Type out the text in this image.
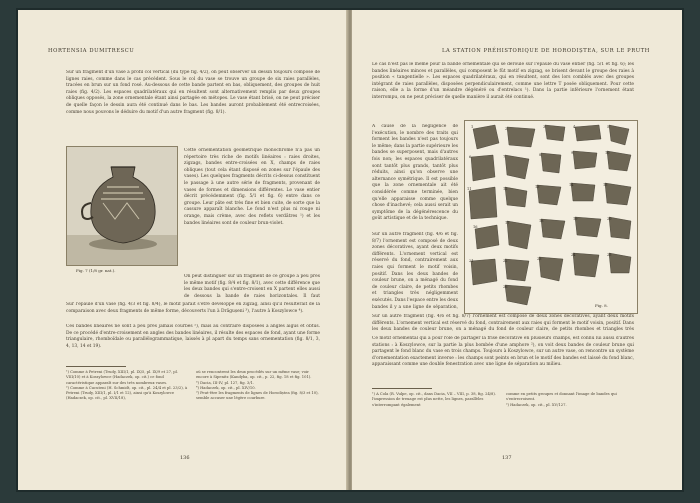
HORTENSIA DUMITRESCU
Sur un fragment d'un vase à profil col vertical (du type fig. 4/2), on peut observer un dessin toujours composé de lignes raies, comme dans le cas précédent. Sous le col du vase se trouve un groupe de six raies parallèles, tracées en brun sur un fond rosé. Au-dessous de cette bande partent en bas, obliquement, des groupes de huit raies (fig. 4/2). Les espaces quadrilatéraux qui en résultent sont alternativement remplis par deux groupes obliques opposés, la zone ornementale étant ainsi partagée en métopes. Le vase étant brisé, on ne peut préciser de quelle façon le dessin aura été continué dans le bas. Les bandes auront probablement été entrecroisées, comme nous pouvons le déduire du motif d'un autre fragment (fig. 8/1).
Fig. 7 (1/8 gr. nat.).
Cette ornementation géométrique monochrome n'a pas un répertoire très riche de motifs linéaires : raies droites, zigzags, bandes entre-croisées en X, champs de raies obliques (tout cela étant disposé en zones sur l'épaule des vases). Les quelques fragments décrits ci-dessus constituent le passage à une autre série de fragments, provenant de vases de formes et dimensions différentes. Le vase entier décrit précédemment (fig. 5/1 et fig. 6) entre dans ce groupe. Leur pâte est très fine et bien cuite, de sorte que la cassure apparaît blanche. Le fond n'est plus ni rouge ni orange, mais crème, avec des reflets verdâtres ¹) et les bandes linéaires sont de couleur brun-violet.
On peut distinguer sur un fragment de ce groupe à peu près le même motif (fig. 8/4 et fig. 8/1), avec cette différence que les deux bandes qui s'entre-croisent en X partent elles aussi de dessous la bande de raies horizontales. Il faut
Sur l'épaule d'un vase (fig. 4/3 et fig. 8/4), le motif paraît s'être développé en zigzag, ainsi qu'il résulterait de la comparaison avec deux fragments de même forme, découverts l'un à Drăgușeni ³), l'autre à Koszylowce ⁴).
Ces bandes linéaires ne sont à peu près jamais courbes ⁵), mais au contraire disposées à angles aigus et obtus. De ce procédé d'entre-croisement en angles des bandes linéaires, il résulte des espaces de fond, ayant une forme triangulaire, rhomboïdale ou parallélogrammatique, laissés à pl apart du temps sans ornementation (fig. 8/1, 3, 4, 13, 14 et 19).
¹) Comme à Petreni (Trudy, XIII/1, pl. IX/5, pl. IX/9 et 27, pl. VIII/10) et à Koszylowce (Hadaczek, op. cit.) ce fond caractéristique apparaît sur des très nombreux vases.
²) Comme à Cucuteni (H. Schmidt, op. cit., pl. 24/4 et pl. 23/2), à Petreni (Trudy, XIII/1, pl. I/1 et 12), ainsi qu'à Koszylowce (Hadaczek, op. cit., pl. XVII/18),
où se rencontrent les deux procédés sur un même vase; voir encore à Sipenitz (Kandyba, op. cit., p. 22, fig. 18 et fig. 101).
³) Dacia, III-IV, pl. 127, fig. 3/1.
⁴) Hadaczek, op. cit., pl. XIV/10.
⁵) Peut-être les fragments de lignes de Horodiștea (fig. 8/3 et 10), semble accuser une légère courbure.
136
LA STATION PRÉHISTORIQUE DE HORODIȘTEA, SUR LE PRUTH
Le cas n'est pas le même pour la bande ornementale qui se déroule sur l'épaule du vase entier (fig. 5/1 et fig. 6); les bandes linéaires minces et parallèles, qui composent le fût motif en zigzag, se brisent devant le groupe des raies à position « tangentielle ». Les espaces quadrilatéraux, qui en résultent, sont des lors comblés avec des groupes intégrant de raies parallèles, disposées perpendiculairement, comme une lettre T posée obliquement. Pour cette raison, elle a la forme d'un méandre dégénéré ou d'entrelacs ¹). Dans la partie inférieure l'ornement étant interrompu, on ne peut préciser de quelle manière il aurait été continué.
A cause de la négligence de l'exécution, le nombre des traits qui forment les bandes n'est pas toujours le même; dans la partie supérieure les bandes se superposent, mais d'autres fois non; les espaces quadrilatéraux sont tantôt plus grands, tantôt plus réduits, ainsi qu'on observe une alternance symétrique. Il est possible que la zone ornementale ait été considérée comme terminée, bien qu'elle apparaisse comme quelque chose d'inachevé; cela aussi serait un symptôme de la dégénérescence du goût artistique et de la technique.
Sur un autre fragment (fig. 4/6 et fig. 8/7) l'ornement est composé de deux zones décoratives, ayant deux motifs différents. L'ornement vertical est réservé du fond, contrairement aux raies qui forment le motif voisin, positif. Dans les deux bandes de couleur brune, on a ménagé du fond de couleur claire, de petits rhombes et triangles très négligemment exécutés. Dans l'espace entre les deux bandes il y a une ligne de séparation,
1	2	3	4	5
6	7	8	9	10
11	12	13	14	15
16
17	18	19	20
21	22	23
24	25
26
Fig. 8.
Sur un autre fragment (fig. 4/6 et fig. 8/7) l'ornement est composé de deux zones décoratives, ayant deux motifs différents. L'ornement vertical est réservé du fond, contrairement aux raies qui forment le motif voisin, positif. Dans les deux bandes de couleur brune, on a ménagé du fond de couleur claire, de petits rhombes et triangles très
Ce motif ornemental qui a pour rôle de partager la frise décorative en plusieurs champs, est connu lui aussi d'autres stations : à Koszylowce, sur la partie la plus bombée d'une amphore ²), on voit deux bandes de couleur brune qui partagent le fond blanc du vase en trois champs. Toujours à Koszylowce, sur un autre vase, on rencontre un système d'ornementation exactement inverse : les champs sont peints en brun et le motif des bandes est laissé du fond blanc, apparaissant comme une double fenestration avec une ligne de séparation au milieu.
¹) A Cola (R. Vulpe, op. cit., dans Dacia, VII – VIII, p. 38, fig. 24/8). l'impression de treuage est plus nette, les lignes, parallèles s'interrompant également
comme en petits groupes et donnant l'image de bandes qui s'entrecroisent.
²) Hadaczek, op. cit., pl. XV/127.
137
